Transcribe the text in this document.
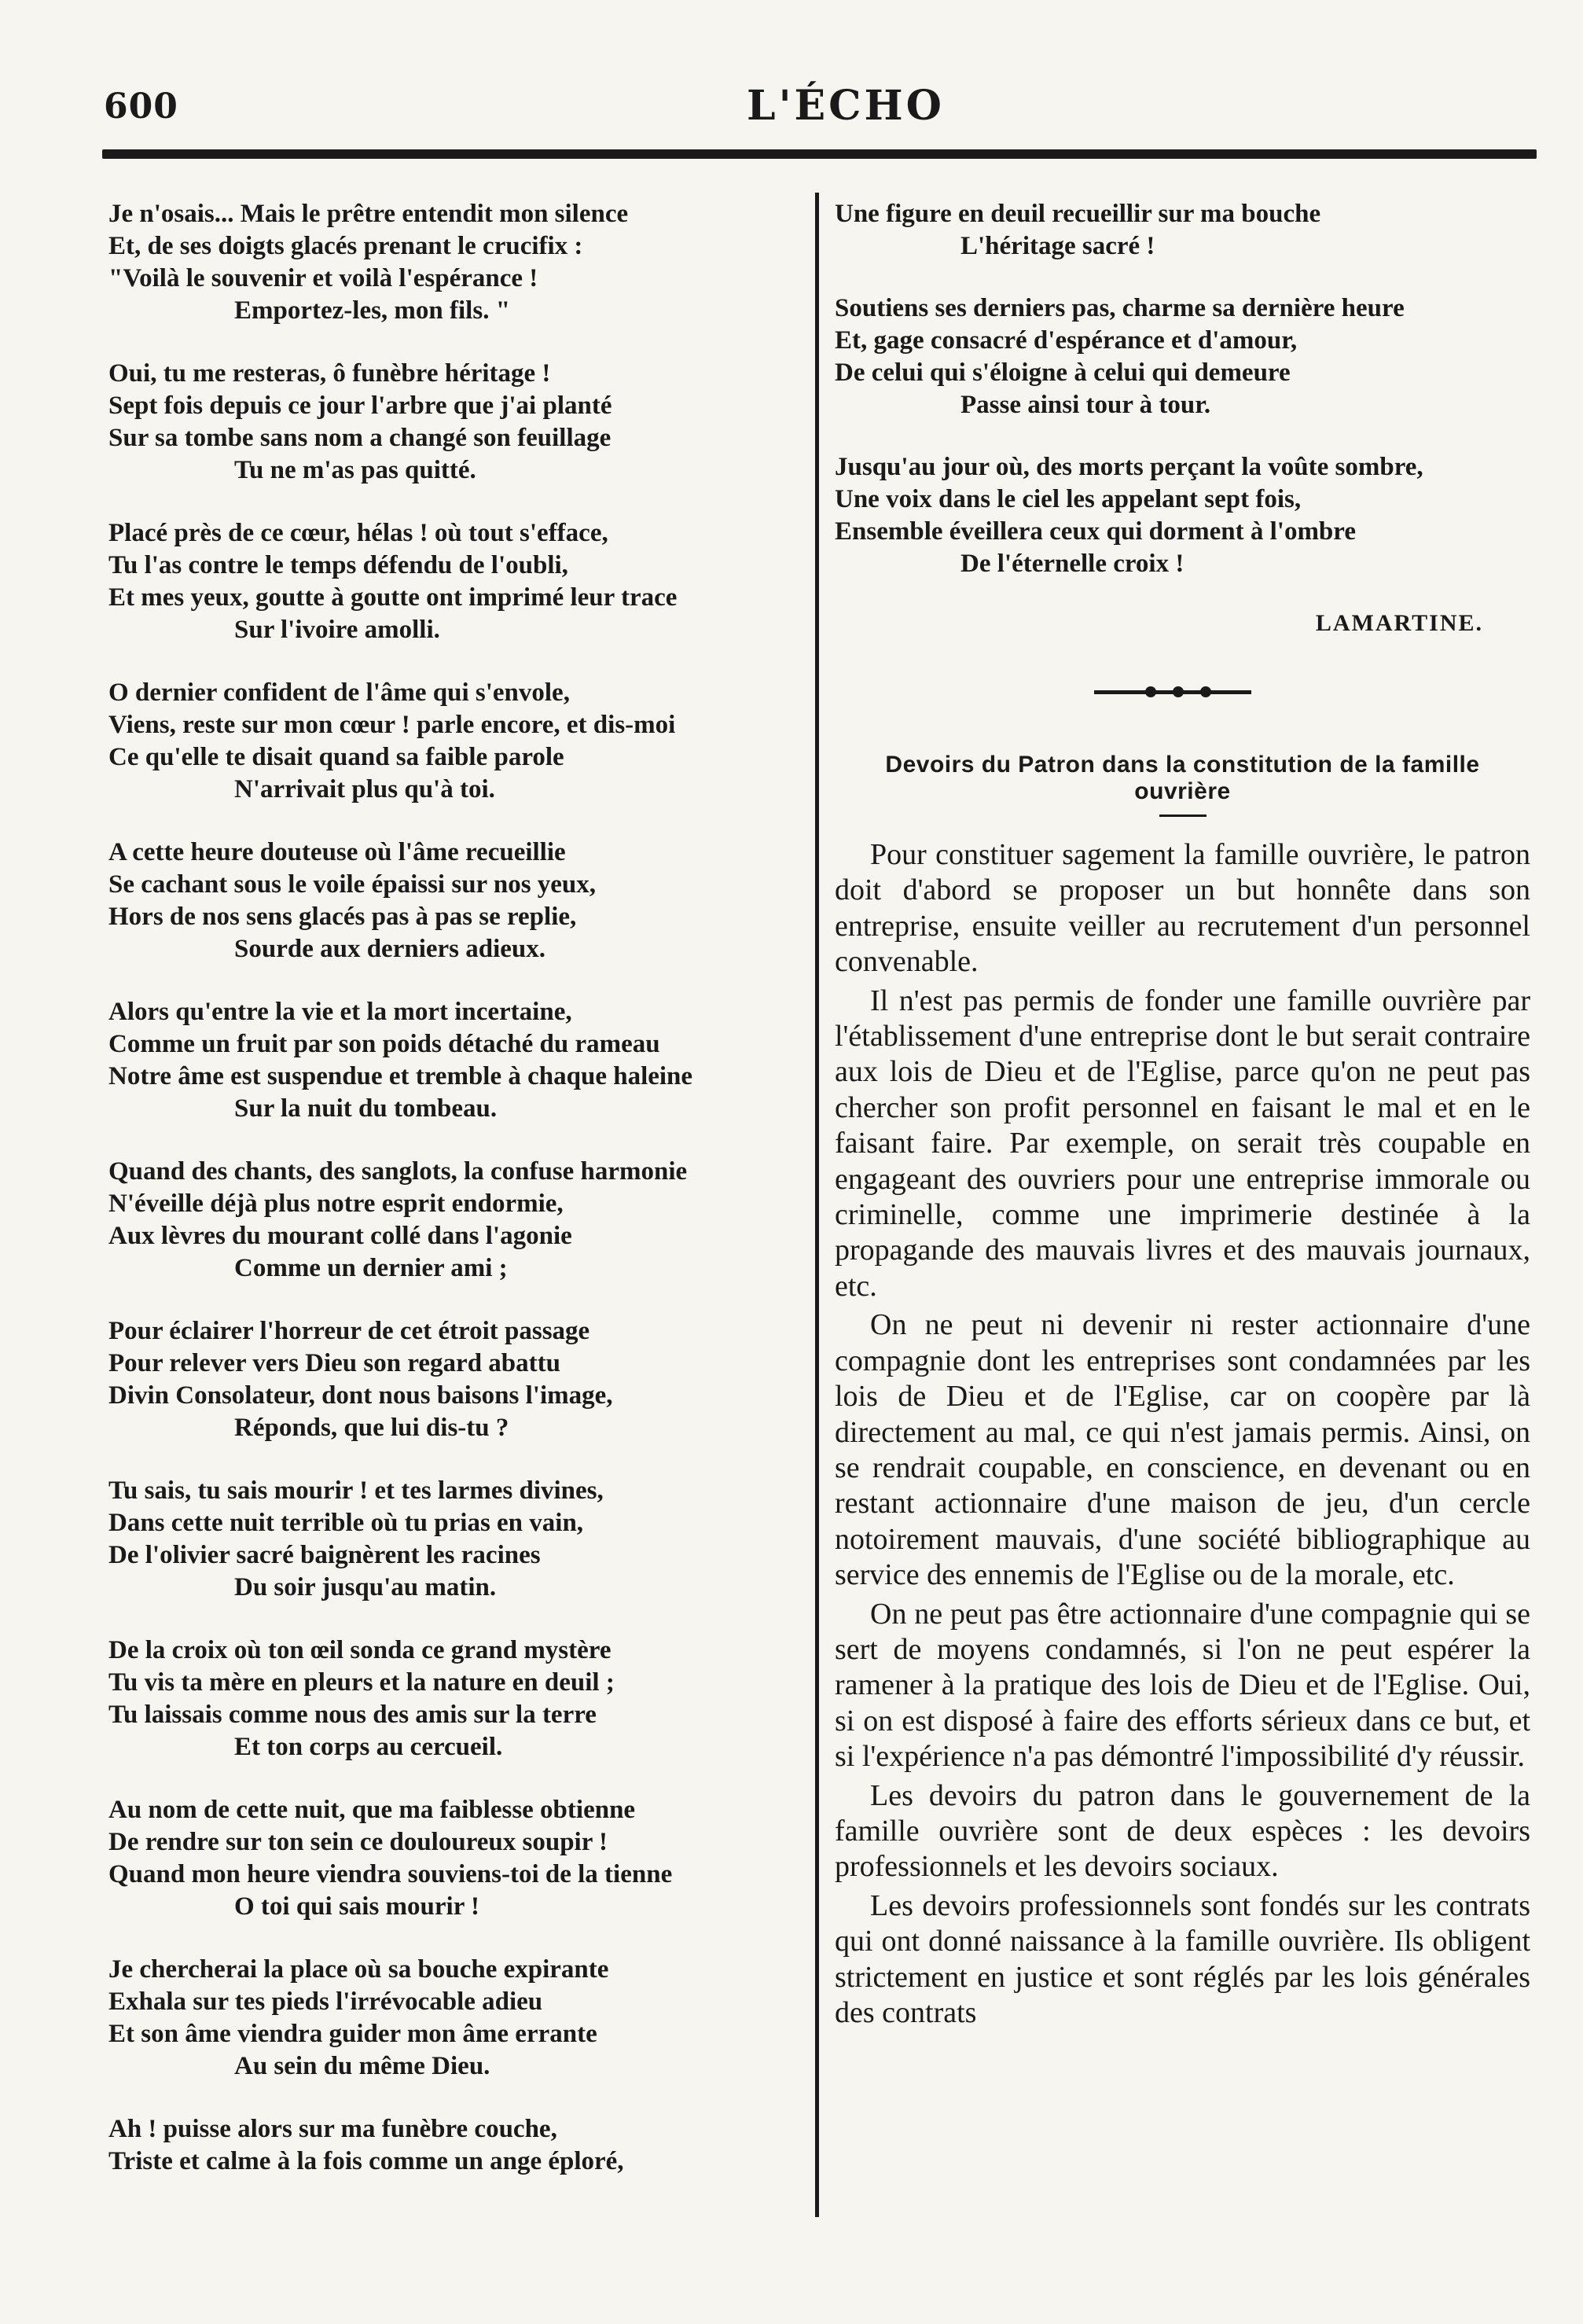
600	L'ÉCHO
Je n'osais... Mais le prêtre entendit mon silence
Et, de ses doigts glacés prenant le crucifix :
"Voilà le souvenir et voilà l'espérance !
Emportez-les, mon fils. "
Oui, tu me resteras, ô funèbre héritage !
Sept fois depuis ce jour l'arbre que j'ai planté
Sur sa tombe sans nom a changé son feuillage
Tu ne m'as pas quitté.
Placé près de ce cœur, hélas ! où tout s'efface,
Tu l'as contre le temps défendu de l'oubli,
Et mes yeux, goutte à goutte ont imprimé leur trace
Sur l'ivoire amolli.
O dernier confident de l'âme qui s'envole,
Viens, reste sur mon cœur ! parle encore, et dis-moi
Ce qu'elle te disait quand sa faible parole
N'arrivait plus qu'à toi.
A cette heure douteuse où l'âme recueillie
Se cachant sous le voile épaissi sur nos yeux,
Hors de nos sens glacés pas à pas se replie,
Sourde aux derniers adieux.
Alors qu'entre la vie et la mort incertaine,
Comme un fruit par son poids détaché du rameau
Notre âme est suspendue et tremble à chaque haleine
Sur la nuit du tombeau.
Quand des chants, des sanglots, la confuse harmonie
N'éveille déjà plus notre esprit endormie,
Aux lèvres du mourant collé dans l'agonie
Comme un dernier ami ;
Pour éclairer l'horreur de cet étroit passage
Pour relever vers Dieu son regard abattu
Divin Consolateur, dont nous baisons l'image,
Réponds, que lui dis-tu ?
Tu sais, tu sais mourir ! et tes larmes divines,
Dans cette nuit terrible où tu prias en vain,
De l'olivier sacré baignèrent les racines
Du soir jusqu'au matin.
De la croix où ton œil sonda ce grand mystère
Tu vis ta mère en pleurs et la nature en deuil ;
Tu laissais comme nous des amis sur la terre
Et ton corps au cercueil.
Au nom de cette nuit, que ma faiblesse obtienne
De rendre sur ton sein ce douloureux soupir !
Quand mon heure viendra souviens-toi de la tienne
O toi qui sais mourir !
Je chercherai la place où sa bouche expirante
Exhala sur tes pieds l'irrévocable adieu
Et son âme viendra guider mon âme errante
Au sein du même Dieu.
Ah ! puisse alors sur ma funèbre couche,
Triste et calme à la fois comme un ange éploré,
Une figure en deuil recueillir sur ma bouche
L'héritage sacré !
Soutiens ses derniers pas, charme sa dernière heure
Et, gage consacré d'espérance et d'amour,
De celui qui s'éloigne à celui qui demeure
Passe ainsi tour à tour.
Jusqu'au jour où, des morts perçant la voûte sombre,
Une voix dans le ciel les appelant sept fois,
Ensemble éveillera ceux qui dorment à l'ombre
De l'éternelle croix !
LAMARTINE.
Devoirs du Patron dans la constitution de la famille ouvrière

Pour constituer sagement la famille ouvrière, le patron doit d'abord se proposer un but honnête dans son entreprise, ensuite veiller au recrutement d'un personnel convenable.

Il n'est pas permis de fonder une famille ouvrière par l'établissement d'une entreprise dont le but serait contraire aux lois de Dieu et de l'Eglise, parce qu'on ne peut pas chercher son profit personnel en faisant le mal et en le faisant faire. Par exemple, on serait très coupable en engageant des ouvriers pour une entreprise immorale ou criminelle, comme une imprimerie destinée à la propagande des mauvais livres et des mauvais journaux, etc.

On ne peut ni devenir ni rester actionnaire d'une compagnie dont les entreprises sont condamnées par les lois de Dieu et de l'Eglise, car on coopère par là directement au mal, ce qui n'est jamais permis. Ainsi, on se rendrait coupable, en conscience, en devenant ou en restant actionnaire d'une maison de jeu, d'un cercle notoirement mauvais, d'une société bibliographique au service des ennemis de l'Eglise ou de la morale, etc.

On ne peut pas être actionnaire d'une compagnie qui se sert de moyens condamnés, si l'on ne peut espérer la ramener à la pratique des lois de Dieu et de l'Eglise. Oui, si on est disposé à faire des efforts sérieux dans ce but, et si l'expérience n'a pas démontré l'impossibilité d'y réussir.

Les devoirs du patron dans le gouvernement de la famille ouvrière sont de deux espèces : les devoirs professionnels et les devoirs sociaux.

Les devoirs professionnels sont fondés sur les contrats qui ont donné naissance à la famille ouvrière. Ils obligent strictement en justice et sont réglés par les lois générales des contrats
